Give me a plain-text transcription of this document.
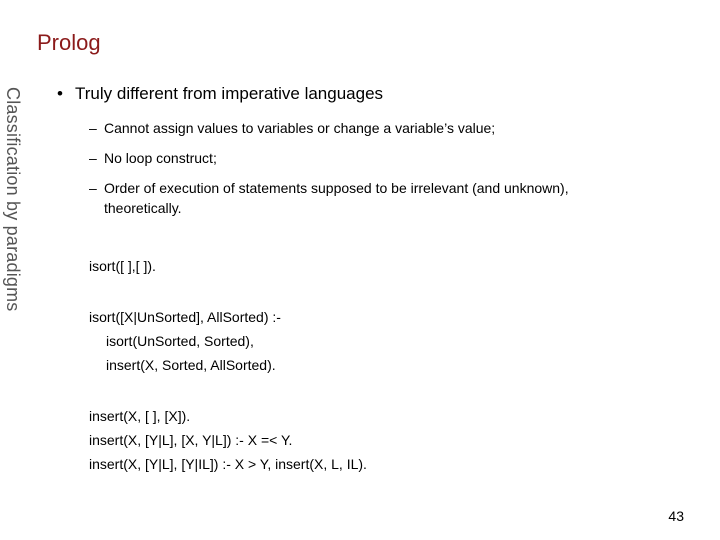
Prolog
Classification by paradigms • Truly different from imperative languages
– Cannot assign values to variables or change a variable’s value;
– No loop construct;
– Order of execution of statements supposed to be irrelevant (and unknown),
theoretically.
isort([ ],[ ]).
isort([X|UnSorted], AllSorted) :-
isort(UnSorted, Sorted),
insert(X, Sorted, AllSorted).
insert(X, [ ], [X]).
insert(X, [Y|L], [X, Y|L]) :- X =< Y.
insert(X, [Y|L], [Y|IL]) :- X > Y, insert(X, L, IL).
43
